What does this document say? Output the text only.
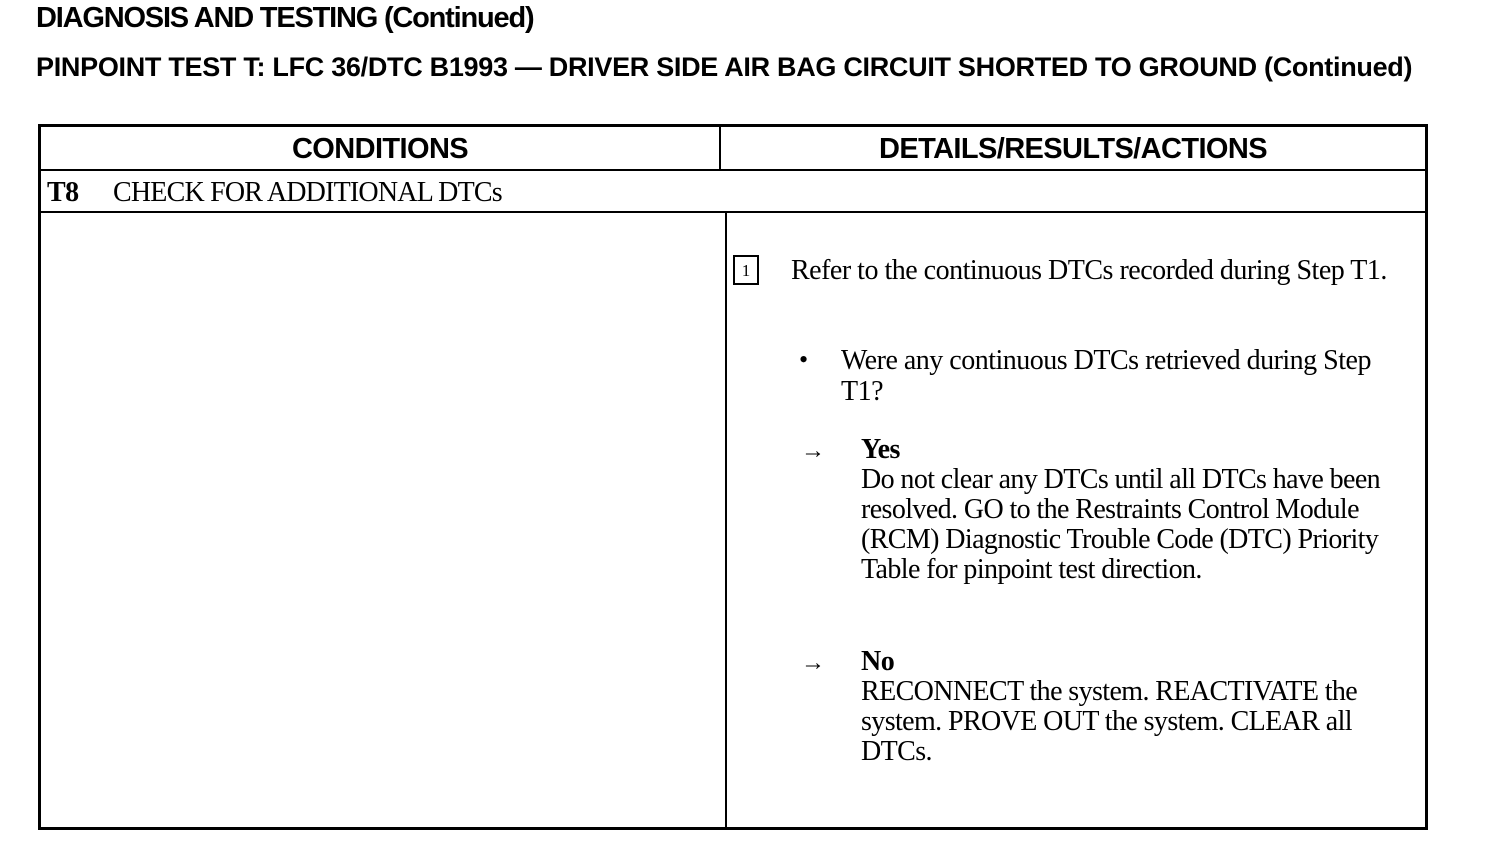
DIAGNOSIS AND TESTING (Continued)
PINPOINT TEST T: LFC 36/DTC B1993 — DRIVER SIDE AIR BAG CIRCUIT SHORTED TO GROUND (Continued)
CONDITIONS	DETAILS/RESULTS/ACTIONS
T8 CHECK FOR ADDITIONAL DTCs
1	Refer to the continuous DTCs recorded during Step T1.
• Were any continuous DTCs retrieved during Step T1?
→ Yes
Do not clear any DTCs until all DTCs have been resolved. GO to the Restraints Control Module (RCM) Diagnostic Trouble Code (DTC) Priority Table for pinpoint test direction.
→ No
RECONNECT the system. REACTIVATE the system. PROVE OUT the system. CLEAR all DTCs.
